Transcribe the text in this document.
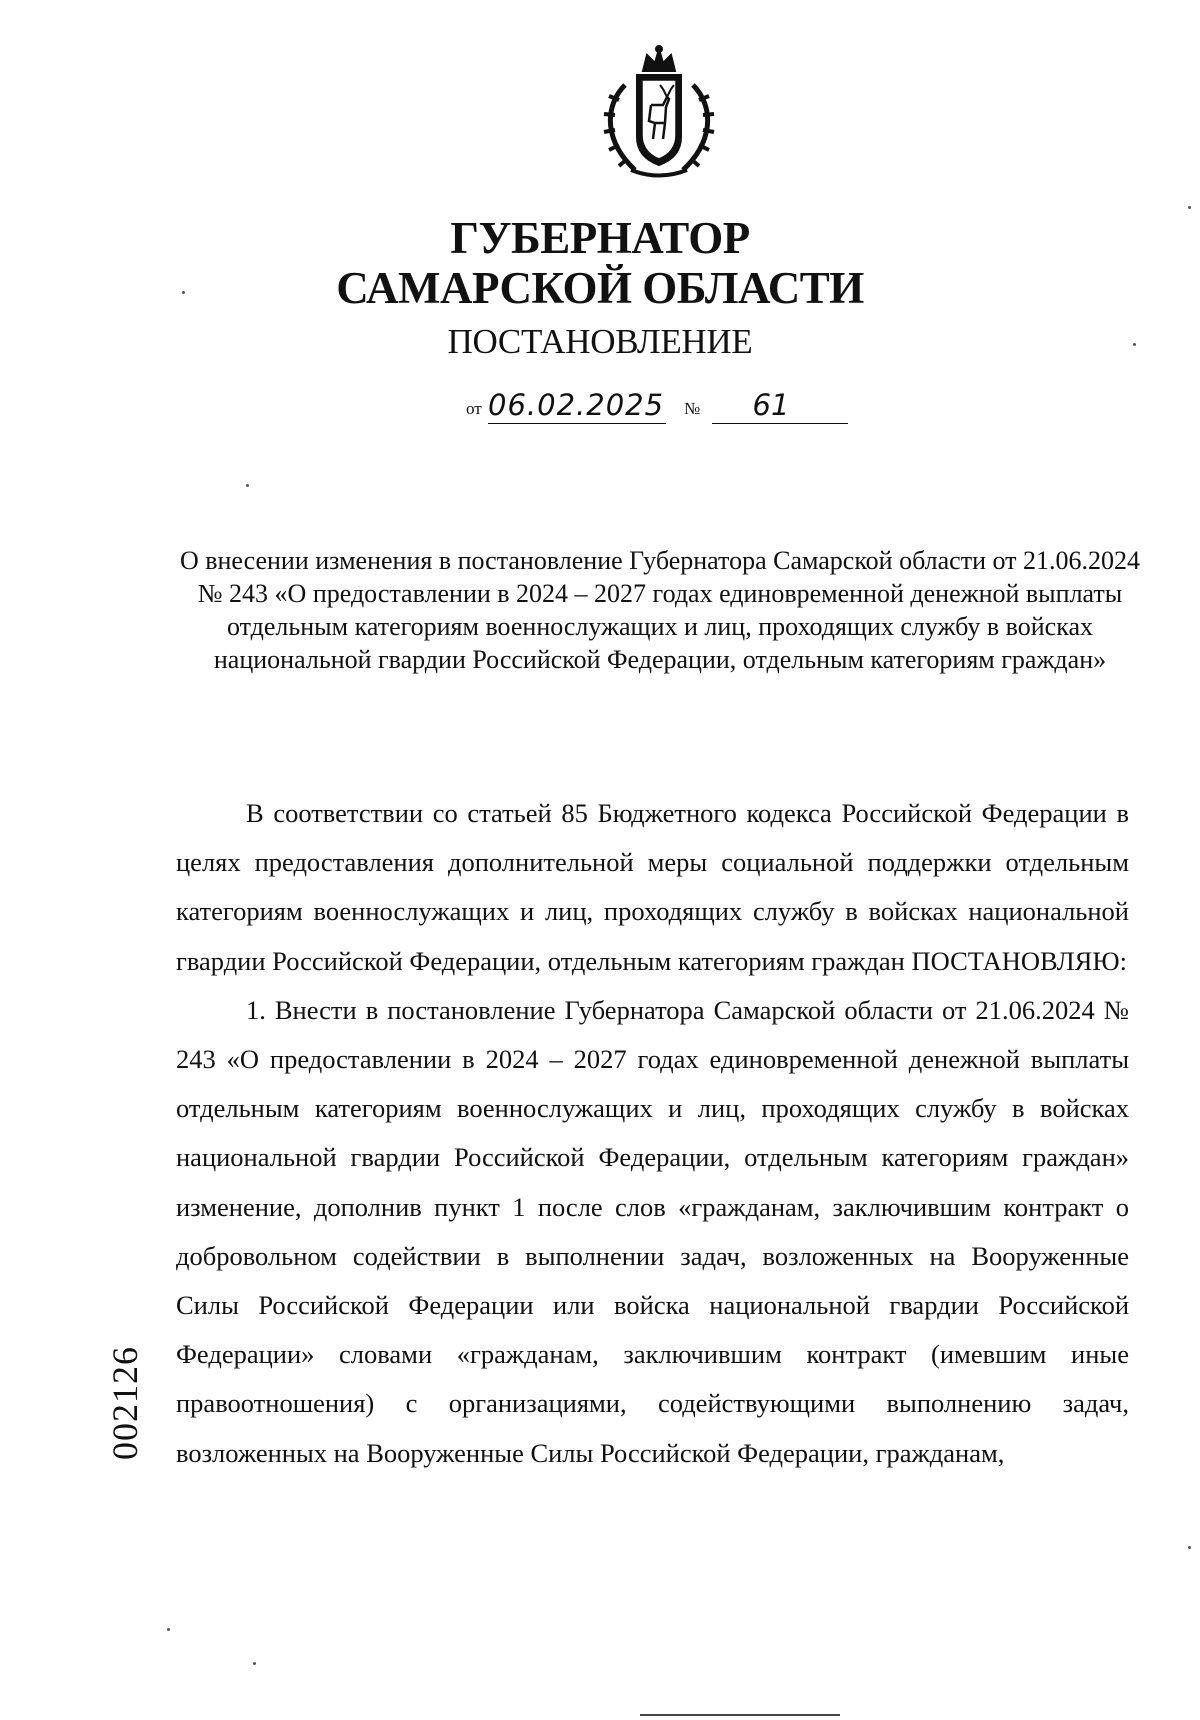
ГУБЕРНАТОР
САМАРСКОЙ ОБЛАСТИ
ПОСТАНОВЛЕНИЕ
от 06.02.2025 №	61
О внесении изменения в постановление Губернатора Самарской области от 21.06.2024 № 243 «О предоставлении в 2024 – 2027 годах единовременной денежной выплаты отдельным категориям военнослужащих и лиц, проходящих службу в войсках национальной гвардии Российской Федерации, отдельным категориям граждан»

В соответствии со статьей 85 Бюджетного кодекса Российской Федерации в целях предоставления дополнительной меры социальной поддержки отдельным категориям военнослужащих и лиц, проходящих службу в войсках национальной гвардии Российской Федерации, отдельным категориям граждан ПОСТАНОВЛЯЮ:

1. Внести в постановление Губернатора Самарской области от 21.06.2024 № 243 «О предоставлении в 2024 – 2027 годах единовременной денежной выплаты отдельным категориям военнослужащих и лиц, проходящих службу в войсках национальной гвардии Российской Федерации, отдельным категориям граждан» изменение, дополнив пункт 1 после слов «гражданам, заключившим контракт о добровольном содействии в выполнении задач, возложенных на Вооруженные Силы Российской Федерации или войска национальной гвардии Российской Федерации» словами «гражданам, заключившим контракт (имевшим иные правоотношения) с организациями, содействующими выполнению задач, возложенных на Вооруженные Силы Российской Федерации, гражданам,

002126
